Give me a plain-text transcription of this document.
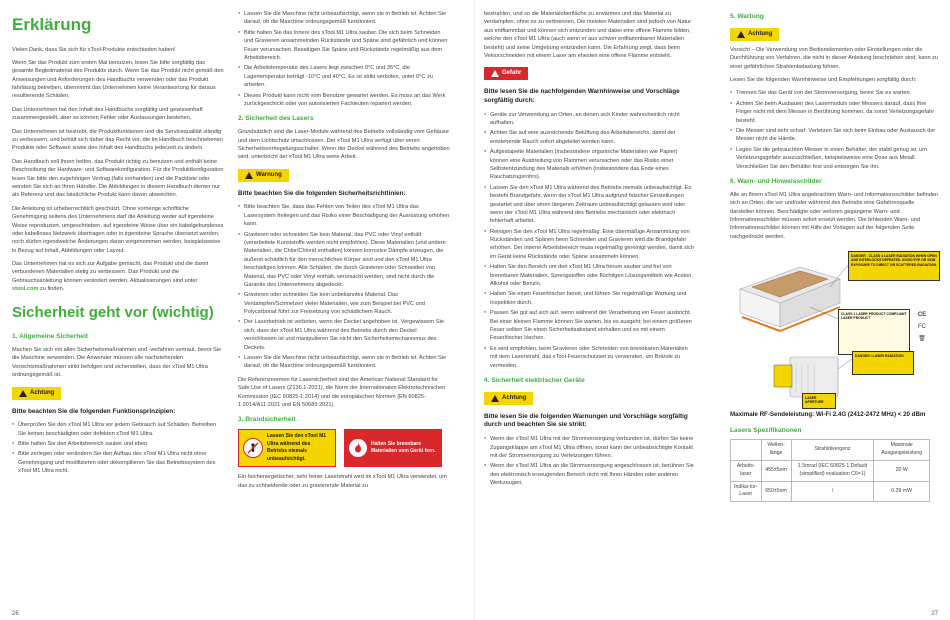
Erklärung

Vielen Dank, dass Sie sich für xTool-Produkte entschieden haben!

Wenn Sie das Produkt zum ersten Mal benutzen, lesen Sie bitte sorgfältig das gesamte Begleitmaterial des Produkts durch. Wenn Sie das Produkt nicht gemäß den Anweisungen und Anforderungen des Handbuchs verwenden oder das Produkt fahrlässig betreiben, übernimmt das Unternehmen keine Verantwortung für daraus resultierende Schäden.

Das Unternehmen hat den Inhalt des Handbuchs sorgfältig und gewissenhaft zusammengestellt, aber es können Fehler oder Auslassungen bestehen.

Das Unternehmen ist bestrebt, die Produktfunktionen und die Servicequalität ständig zu verbessern, und behält sich daher das Recht vor, die im Handbuch beschriebenen Produkte oder Software sowie den Inhalt des Handbuchs jederzeit zu ändern.

Das Handbuch soll Ihnen helfen, das Produkt richtig zu benutzen und enthält keine Beschreibung der Hardware- und Softwarekonfiguration. Für die Produktkonfiguration lesen Sie bitte den zugehörigen Vertrag (falls vorhanden) und die Packliste oder wenden Sie sich an Ihren Händler. Die Abbildungen in diesem Handbuch dienen nur als Referenz und das tatsächliche Produkt kann davon abweichen.

Die Anleitung ist urheberrechtlich geschützt. Ohne vorherige schriftliche Genehmigung seitens des Unternehmens darf die Anleitung weder auf irgendeine Weise reproduziert, umgeschrieben, auf irgendeine Weise über ein kabelgebundenes oder kabelloses Netzwerk übertragen oder in irgendeine Sprache übersetzt werden, noch dürfen irgendwelche Änderungen daran vorgenommen werden, beispielsweise in Bezug auf Inhalt, Abbildungen oder Layout.

Das Unternehmen hat es sich zur Aufgabe gemacht, das Produkt und die damit verbundenen Materialien stetig zu verbessern. Das Produkt und die Gebrauchsanleitung können verändert werden. Aktualisierungen sind unter xtool.com zu finden.

Sicherheit geht vor (wichtig)
1. Allgemeine Sicherheit

Machen Sie sich mit allen Sicherheitsmaßnahmen und -verfahren vertraut, bevor Sie die Maschine verwenden. Die Anwender müssen alle nachstehenden Vorsichtsmaßnahmen strikt befolgen und sicherstellen, dass der xTool M1 Ultra ordnungsgemäß ist.

Achtung
Bitte beachten Sie die folgenden Funktionsprinzipien:
● Überprüfen Sie den xTool M1 Ultra vor jedem Gebrauch auf Schäden. Betreiben Sie keinen beschädigten oder defekten xTool M1 Ultra.
● Bitte halten Sie den Arbeitsbereich sauber und eben.
● Bitte zerlegen oder verändern Sie den Aufbau des xTool M1 Ultra nicht ohne Genehmigung und modifizieren oder dekompilieren Sie das Betriebssystem des xTool M1 Ultra nicht.
● Lassen Sie die Maschine nicht unbeaufsichtigt, wenn sie in Betrieb ist. Achten Sie darauf, ob die Maschine ordnungsgemäß funktioniert.
● Bitte halten Sie das Innere des xTool M1 Ultra sauber. Die sich beim Schneiden und Gravieren ansammelnden Rückstände und Späne sind gefährlich und können Feuer verursachen. Beseitigen Sie Späne und Rückstände regelmäßig aus dem Arbeitsbereich.
● Die Arbeitstemperatur des Lasers liegt zwischen 0°C und 35°C, die Lagertemperatur beträgt -10°C und 40°C. Es ist strikt verboten, unter 0°C zu arbeiten.
● Dieses Produkt kann nicht vom Benutzer gewartet werden. Es muss an das Werk zurückgeschickt oder von autorisierten Fachleuten repariert werden.
2. Sicherheit des Lasers

Grundsätzlich sind die Laser-Module während des Betriebs vollständig vom Gehäuse und dem Lichtschutz umschlossen. Der xTool M1 Ultra verfügt über einen Sicherheitsverriegelungsschalter. Wenn der Deckel während des Betriebs angehoben wird, unterbricht der xTool M1 Ultra seine Arbeit.

Warnung
Bitte beachten Sie die folgenden Sicherheitsrichtlinien:
● Bitte beachten Sie, dass das Fehlen von Teilen des xTool M1 Ultra das Lasersystem freilegen und das Risiko einer Beschädigung der Ausrüstung erhöhen kann.
● Gravieren oder schneiden Sie kein Material, das PVC oder Vinyl enthält (verarbeitete Kunststoffe werden nicht empfohlen). Diese Materialien (und andere Materialien, die Chlor/Chlorid enthalten) können korrosive Dämpfe erzeugen, die äußerst schädlich für den menschlichen Körper sind und den xTool M1 Ultra beschädigen können. Alle Schäden, die durch Gravieren oder Schneiden von Material, das PVC oder Vinyl enthält, verursacht werden, sind nicht durch die Garantie des Unternehmens abgedeckt.
● Gravieren oder schneiden Sie kein unbekanntes Material. Das Verdampfen/Schmelzen vieler Materialien, wie zum Beispiel bei PVC und Polycarbonat führt zur Freisetzung von schädlichem Rauch.
● Der Laserbetrieb ist verboten, wenn der Deckel angehoben ist. Vergewissern Sie sich, dass der xTool M1 Ultra während des Betriebs durch den Deckel verschlossen ist und manipulieren Sie nicht den Sicherheitsmechanismus des Deckels.
● Lassen Sie die Maschine nicht unbeaufsichtigt, wenn sie in Betrieb ist. Achten Sie darauf, ob die Maschine ordnungsgemäß funktioniert.

Die Referenznormen für Lasersicherheit sind der American National Standard for Safe Use of Lasers (Z136.1-2021), die Norm der Internationalen Elektrotechnischen Kommission (IEC 60825-1:2014) und die europäischen Normen (EN 60825-1:2014/A11:2021 und EN 50689:2021).

3. Brandsicherheit
Lassen Sie den xTool M1 Ultra während des Betriebs niemals unbeaufsichtigt.
Halten Sie brennbare Materialien vom Gerät fern.

Ein hochenergetischer, sehr feiner Laserstrahl wird im xTool M1 Ultra verwendet, um das zu schneidende oder zu gravierende Material zu

26

bestrahlen, und so die Materialoberfläche zu erwärmen und das Material zu verdampfen, ohne es zu verbrennen. Die meisten Materialien sind jedoch von Natur aus entflammbar und können sich entzünden und dabei eine offene Flamme bilden, welche den xTool M1 Ultra (auch wenn er aus schwer entflammbaren Materialien besteht) und seine Umgebung entzünden kann. Die Erfahrung zeigt, dass beim Vektorschneiden mit einem Laser am ehesten eine offene Flamme entsteht.

Gefahr
Bitte lesen Sie die nachfolgenden Warnhinweise und Vorschläge sorgfältig durch:
● Geräte zur Verwendung an Orten, an denen sich Kinder wahrscheinlich nicht aufhalten.
● Achten Sie auf eine ausreichende Belüftung des Arbeitsbereichs, damit der entstehende Rauch sofort abgeleitet werden kann.
● Aufgestapelte Materialien (insbesondere organische Materialien wie Papier) können eine Ausbreitung von Flammen verursachen oder das Risiko einer Selbstentzündung des Materials erhöhen (insbesondere das Ende eines Rauchabzugsrohrs).
● Lassen Sie den xTool M1 Ultra während des Betriebs niemals unbeaufsichtigt. Es besteht Brandgefahr, wenn der xTool M1 Ultra aufgrund falscher Einstellungen gestartet und über einen längeren Zeitraum unbeaufsichtigt gelassen wird oder wenn der xTool M1 Ultra während des Betriebs mechanisch oder elektrisch fehlerhaft arbeitet.
● Reinigen Sie den xTool M1 Ultra regelmäßig. Eine übermäßige Ansammlung von Rückständen und Spänen beim Schneiden und Gravieren wird die Brandgefahr erhöhen. Der interne Arbeitsbereich muss regelmäßig gereinigt werden, damit sich im Gerät keine Rückstände oder Späne ansammeln können.
● Halten Sie den Bereich um den xTool M1 Ultra herum sauber und frei von brennbaren Materialien, Sprengstoffen oder flüchtigen Lösungsmitteln wie Aceton, Alkohol oder Benzin.
● Halten Sie einen Feuerlöscher bereit, und führen Sie regelmäßige Wartung und Inspektion durch.
● Passen Sie gut auf sich auf, wenn während der Verarbeitung ein Feuer ausbricht. Bei einer kleinen Flamme können Sie warten, bis es ausgeht; bei einem größeren Feuer sollten Sie einen Sicherheitsabstand einhalten und es mit einem Feuerlöscher löschen.
● Es wird empfohlen, beim Gravieren oder Schneiden von brennbaren Materialien mit dem Laserstrahl, das xTool-Feuerschutzset zu verwenden, um Brände zu vermeiden.
4. Sicherheit elektrischer Geräte
Achtung
Bitte lesen Sie die folgenden Warnungen und Vorschläge sorgfältig durch und beachten Sie sie strikt:
● Wenn der xTool M1 Ultra mit der Stromversorgung verbunden ist, dürfen Sie keine Zugangsklappe am xTool M1 Ultra öffnen, sonst kann der unbeabsichtigte Kontakt mit der Stromversorgung zu Verletzungen führen.
● Wenn der xTool M1 Ultra an die Stromversorgung angeschlossen ist, berühren Sie den elektronisch erzeugenden Bereich nicht mit Ihren Händen oder anderen Werkzeugen.
5. Wartung
Achtung

Vorsicht – Die Verwendung von Bedienelementen oder Einstellungen oder die Durchführung von Verfahren, die nicht in dieser Anleitung beschrieben sind, kann zu einer gefährlichen Strahlenbelastung führen.

Lesen Sie die folgenden Warnhinweise und Empfehlungen sorgfältig durch:

● Trennen Sie das Gerät von der Stromversorgung, bevor Sie es warten.
● Achten Sie beim Ausbauen des Lasermoduls oder Messers darauf, dass Ihre Finger nicht mit dem Messer in Berührung kommen, da sonst Verletzungsgefahr besteht.
● Die Messer sind sehr scharf. Verletzen Sie sich beim Einbau oder Austausch der Messer nicht die Hände.
● Legen Sie die gebrauchten Messer in einen Behälter, der stabil genug ist, um Verletzungsgefahr auszuschließen, beispielsweise eine Dose aus Metall. Verschließen Sie den Behälter fest und entsorgen Sie ihn.
6. Warn- und Hinweisschilder

Alle an Ihrem xTool M1 Ultra angebrachten Warn- und Informationsschilder befinden sich an Orten, die vor und/oder während des Betriebs eine Gefahrenquelle darstellen können. Beschädigte oder verloren gegangene Warn- und Informationsschilder müssen sofort ersetzt werden. Die fehlenden Warn- und Informationsschilder können mit Hilfe der Vorlagen auf der folgenden Seite nachgedruckt werden.

DANGER - CLASS 4 LASER RADIATION WHEN OPEN AND INTERLOCKS DEFEATED. AVOID EYE OR SKIN EXPOSURE TO DIRECT OR SCATTERED RADIATION.
CLASS 1 LASER PRODUCT COMPLIANT LASER PRODUCT
CE
FC
🗑
DANGER / LASER RADIATION
LASER APERTURE
Maximale RF-Sendeleistung: Wi-Fi 2.4G (2412-2472 MHz) < 20 dBm
Lasers Spezifikationen
	Wellen-länge	Strahldivergenz	Maximale Ausgangsleistung
Arbeits-laser	455±5nm	1.5mrad (IEC 60825-1 Default (simplified) evaluation C6=1)	20 W
Indika-tor-Laser	650±5nm	/	0.39 mW
27
